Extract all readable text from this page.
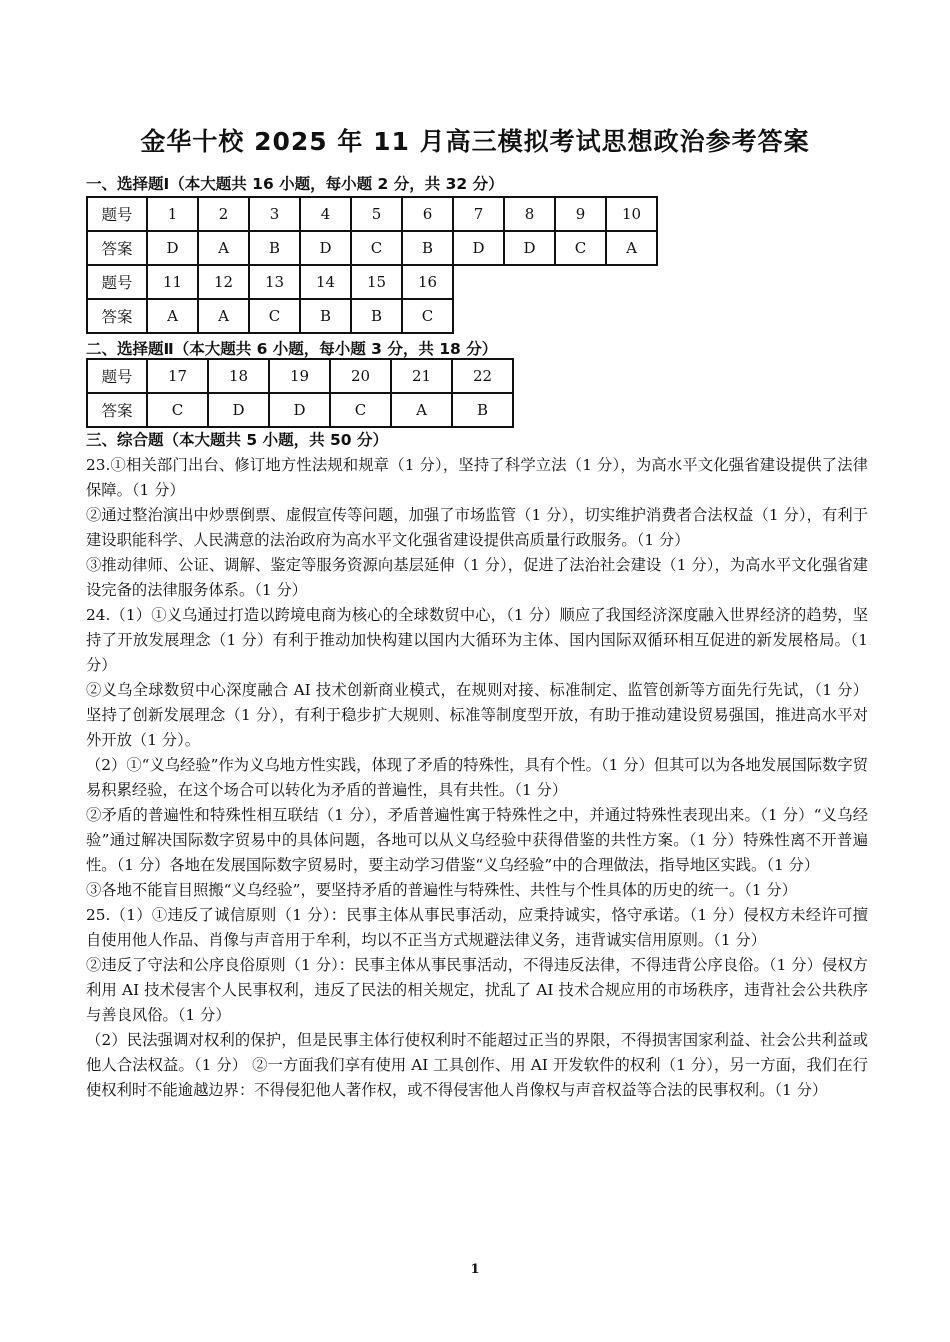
金华十校 2025 年 11 月高三模拟考试思想政治参考答案
一、选择题Ⅰ（本大题共 16 小题，每小题 2 分，共 32 分）
题号	1	2	3	4	5	6	7	8	9	10
答案	D	A	B	D	C	B	D	D	C	A
题号	11	12	13	14	15	16
答案	A	A	C	B	B	C
二、选择题Ⅱ（本大题共 6 小题，每小题 3 分，共 18 分）
题号	17	18	19	20	21	22
答案	C	D	D	C	A	B
三、综合题（本大题共 5 小题，共 50 分）

23.①相关部门出台、修订地方性法规和规章（1 分），坚持了科学立法（1 分），为高水平文化强省建设提供了法律保障。（1 分）

②通过整治演出中炒票倒票、虚假宣传等问题，加强了市场监管（1 分），切实维护消费者合法权益（1 分），有利于建设职能科学、人民满意的法治政府为高水平文化强省建设提供高质量行政服务。（1 分）

③推动律师、公证、调解、鉴定等服务资源向基层延伸（1 分），促进了法治社会建设（1 分），为高水平文化强省建设完备的法律服务体系。（1 分）

24.（1）①义乌通过打造以跨境电商为核心的全球数贸中心，（1 分）顺应了我国经济深度融入世界经济的趋势，坚持了开放发展理念（1 分）有利于推动加快构建以国内大循环为主体、国内国际双循环相互促进的新发展格局。（1 分）

②义乌全球数贸中心深度融合 AI 技术创新商业模式，在规则对接、标准制定、监管创新等方面先行先试，（1 分）坚持了创新发展理念（1 分），有利于稳步扩大规则、标准等制度型开放，有助于推动建设贸易强国，推进高水平对外开放（1 分）。

（2）①“义乌经验”作为义乌地方性实践，体现了矛盾的特殊性，具有个性。（1 分）但其可以为各地发展国际数字贸易积累经验，在这个场合可以转化为矛盾的普遍性，具有共性。（1 分）

②矛盾的普遍性和特殊性相互联结（1 分），矛盾普遍性寓于特殊性之中，并通过特殊性表现出来。（1 分）“义乌经验”通过解决国际数字贸易中的具体问题，各地可以从义乌经验中获得借鉴的共性方案。（1 分）特殊性离不开普遍性。（1 分）各地在发展国际数字贸易时，要主动学习借鉴“义乌经验”中的合理做法，指导地区实践。（1 分）

③各地不能盲目照搬“义乌经验”，要坚持矛盾的普遍性与特殊性、共性与个性具体的历史的统一。（1 分）

25.（1）①违反了诚信原则（1 分）：民事主体从事民事活动，应秉持诚实，恪守承诺。（1 分）侵权方未经许可擅自使用他人作品、肖像与声音用于牟利，均以不正当方式规避法律义务，违背诚实信用原则。（1 分）

②违反了守法和公序良俗原则（1 分）：民事主体从事民事活动，不得违反法律，不得违背公序良俗。（1 分）侵权方利用 AI 技术侵害个人民事权利，违反了民法的相关规定，扰乱了 AI 技术合规应用的市场秩序，违背社会公共秩序与善良风俗。（1 分）

（2）民法强调对权利的保护，但是民事主体行使权利时不能超过正当的界限，不得损害国家利益、社会公共利益或他人合法权益。（1 分） ②一方面我们享有使用 AI 工具创作、用 AI 开发软件的权利（1 分），另一方面，我们在行使权利时不能逾越边界：不得侵犯他人著作权，或不得侵害他人肖像权与声音权益等合法的民事权利。（1 分）

1
